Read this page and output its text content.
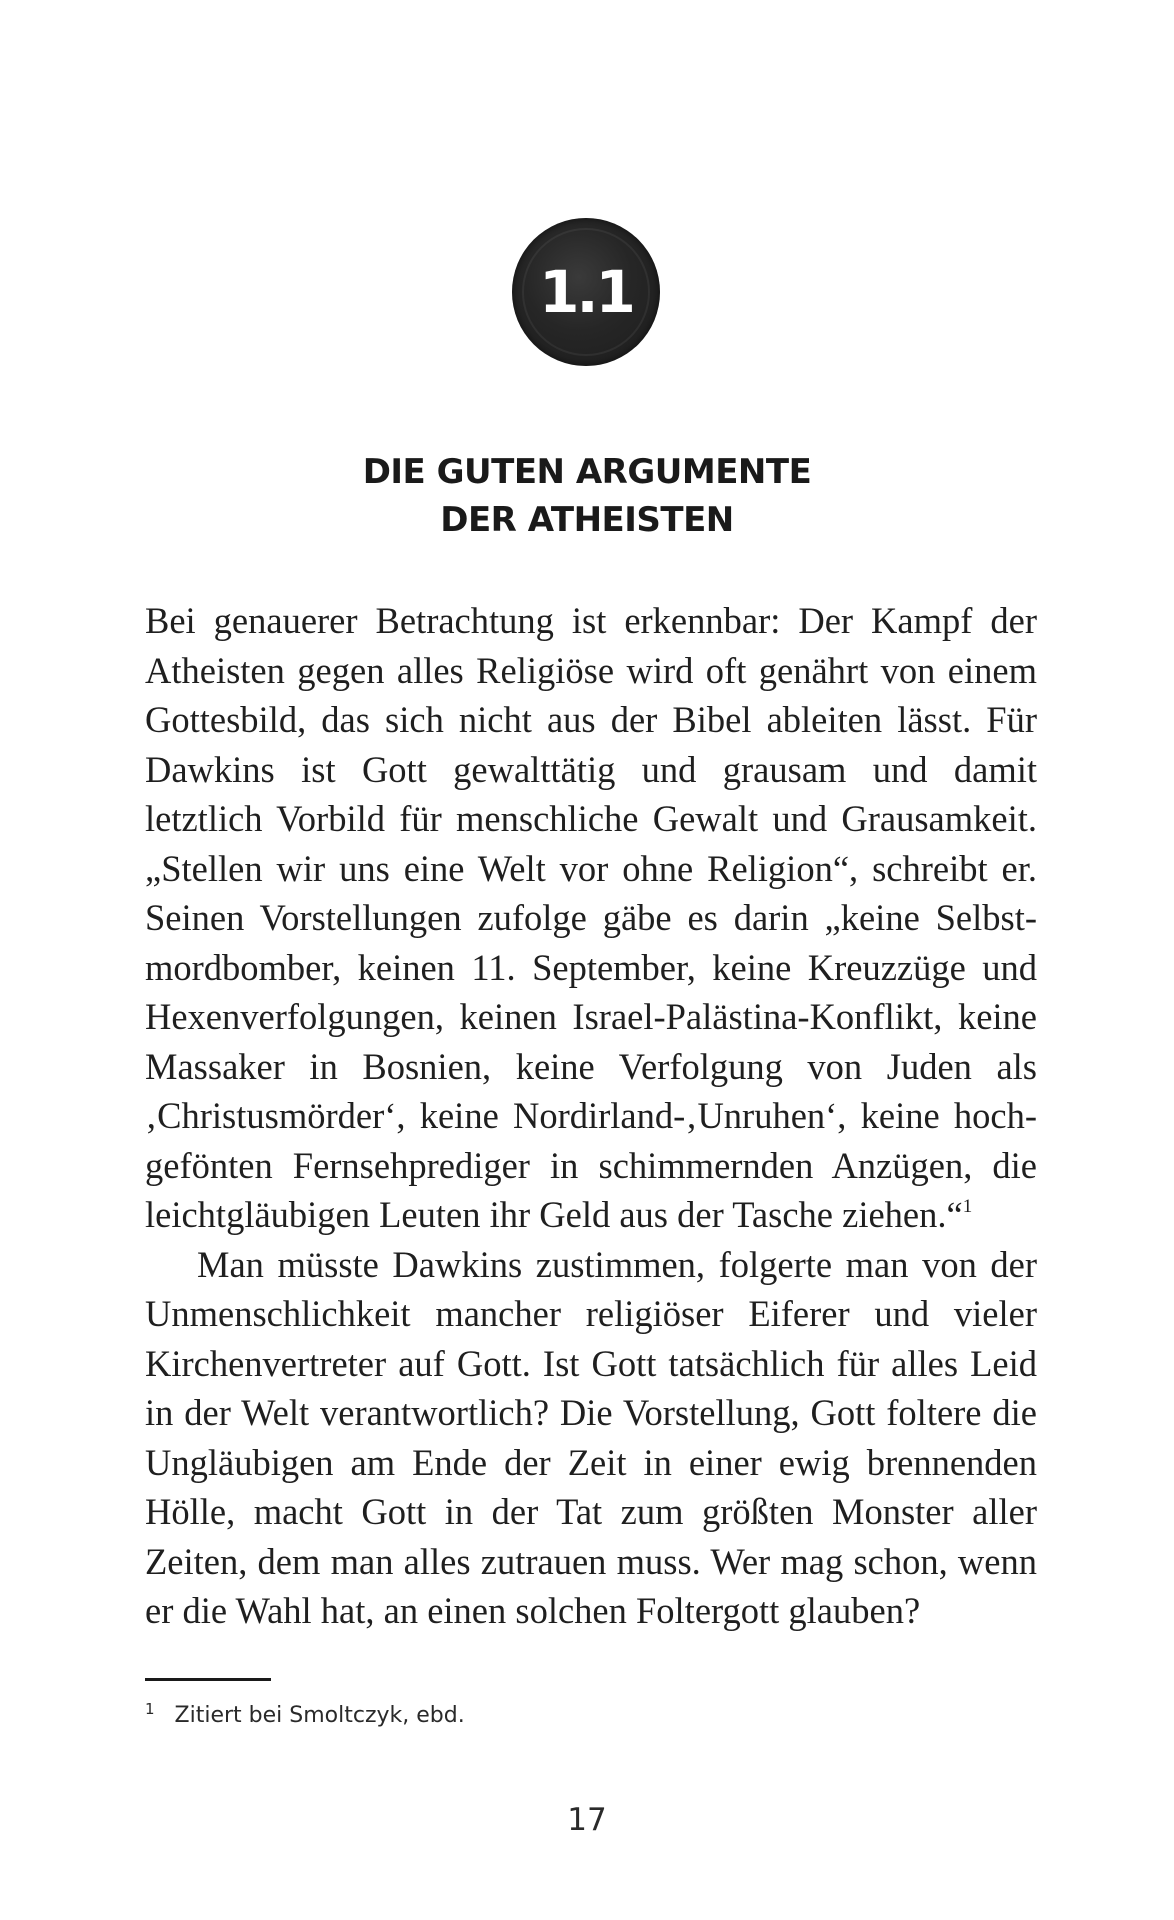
1.1
DIE GUTEN ARGUMENTE
DER ATHEISTEN

Bei genauerer Betrachtung ist erkennbar: Der Kampf der Atheisten gegen alles Religiöse wird oft genährt von einem Gottesbild, das sich nicht aus der Bibel ableiten lässt. Für Dawkins ist Gott gewalttätig und grausam und damit letztlich Vorbild für menschliche Gewalt und Grausamkeit. „Stellen wir uns eine Welt vor ohne Religion“, schreibt er. Seinen Vorstellungen zufolge gäbe es darin „keine Selbstmordbomber, keinen 11. September, keine Kreuzzüge und Hexenverfolgungen, keinen Israel-Palästina-Konflikt, keine Massaker in Bosnien, keine Verfolgung von Juden als ‚Christusmörder‘, keine Nordirland-‚Unruhen‘, keine hochgefönten Fernsehprediger in schimmernden Anzügen, die leichtgläubigen Leuten ihr Geld aus der Tasche ziehen.“$^1$

Man müsste Dawkins zustimmen, folgerte man von der Unmenschlichkeit mancher religiöser Eiferer und vieler Kirchenvertreter auf Gott. Ist Gott tatsächlich für alles Leid in der Welt verantwortlich? Die Vorstellung, Gott foltere die Ungläubigen am Ende der Zeit in einer ewig brennenden Hölle, macht Gott in der Tat zum größten Monster aller Zeiten, dem man alles zutrauen muss. Wer mag schon, wenn er die Wahl hat, an einen solchen Foltergott glauben?

$^1$ Zitiert bei Smoltczyk, ebd.
17
